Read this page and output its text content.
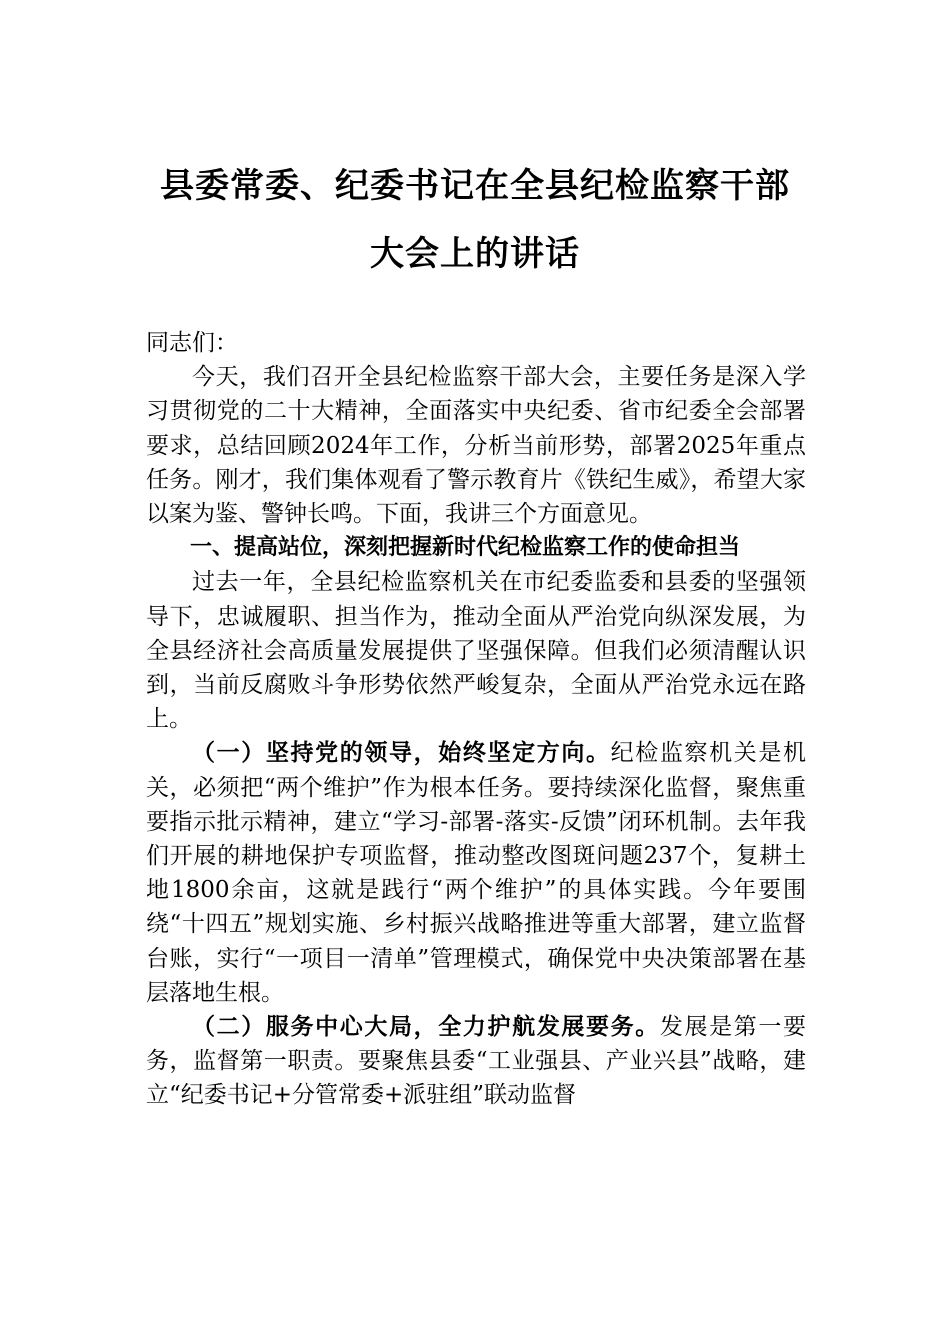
县委常委、纪委书记在全县纪检监察干部
大会上的讲话

同志们：

今天，我们召开全县纪检监察干部大会，主要任务是深入学习贯彻党的二十大精神，全面落实中央纪委、省市纪委全会部署要求，总结回顾2024年工作，分析当前形势，部署2025年重点任务。刚才，我们集体观看了警示教育片《铁纪生威》，希望大家以案为鉴、警钟长鸣。下面，我讲三个方面意见。

一、提高站位，深刻把握新时代纪检监察工作的使命担当

过去一年，全县纪检监察机关在市纪委监委和县委的坚强领导下，忠诚履职、担当作为，推动全面从严治党向纵深发展，为全县经济社会高质量发展提供了坚强保障。但我们必须清醒认识到，当前反腐败斗争形势依然严峻复杂，全面从严治党永远在路上。

（一）坚持党的领导，始终坚定方向。纪检监察机关是机关，必须把“两个维护”作为根本任务。要持续深化监督，聚焦重要指示批示精神，建立“学习-部署-落实-反馈”闭环机制。去年我们开展的耕地保护专项监督，推动整改图斑问题237个，复耕土地1800余亩，这就是践行“两个维护”的具体实践。今年要围绕“十四五”规划实施、乡村振兴战略推进等重大部署，建立监督台账，实行“一项目一清单”管理模式，确保党中央决策部署在基层落地生根。

（二）服务中心大局，全力护航发展要务。发展是第一要务，监督第一职责。要聚焦县委“工业强县、产业兴县”战略，建立“纪委书记+分管常委+派驻组”联动监督
